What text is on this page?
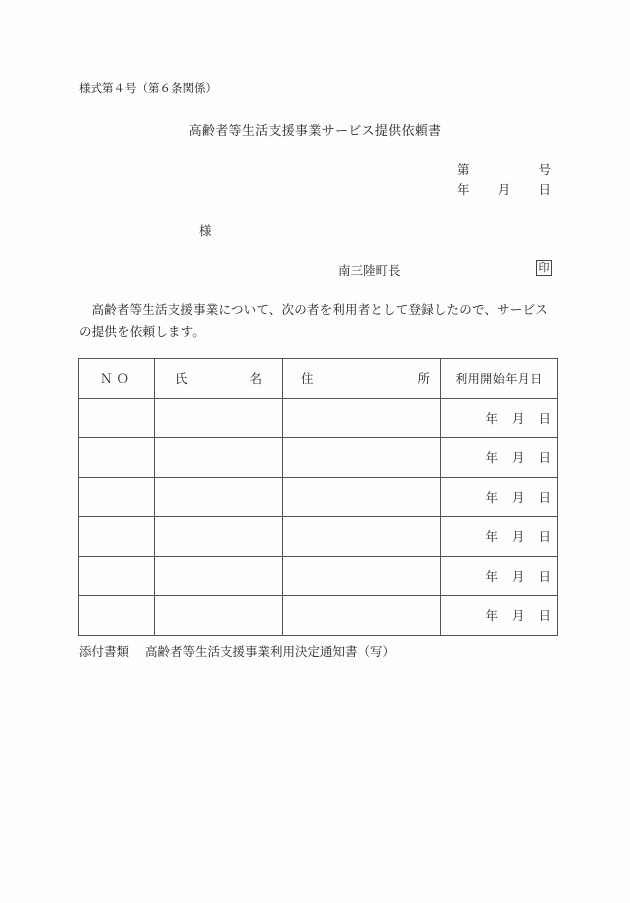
様式第４号（第６条関係）
高齢者等生活支援事業サービス提供依頼書
第	号
年 月 日
様
南三陸町長	印
高齢者等生活支援事業について、次の者を利用者として登録したので、サービスの提供を依頼します。
ＮＯ	氏 名	住 所	利用開始年月日
			年 月 日
			年 月 日
			年 月 日
			年 月 日
			年 月 日
			年 月 日
添付書類 高齢者等生活支援事業利用決定通知書（写）
